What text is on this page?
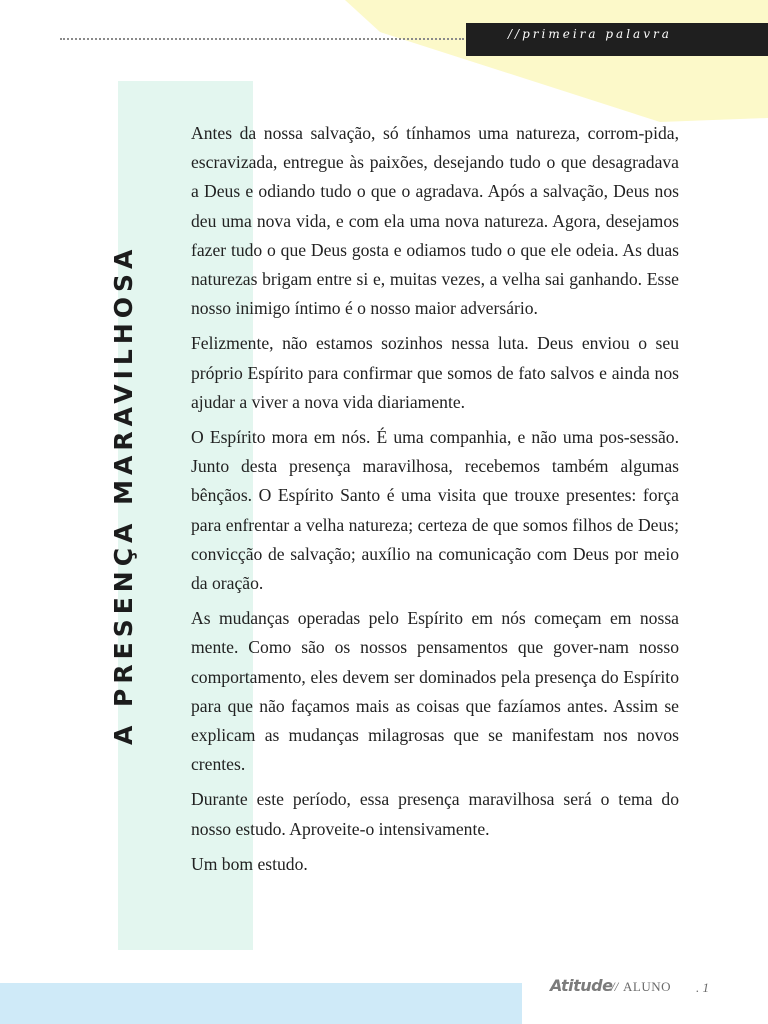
//primeira palavra
A PRESENÇA MARAVILHOSA

Antes da nossa salvação, só tínhamos uma natureza, corrom-pida, escravizada, entregue às paixões, desejando tudo o que desagradava a Deus e odiando tudo o que o agradava. Após a salvação, Deus nos deu uma nova vida, e com ela uma nova natureza. Agora, desejamos fazer tudo o que Deus gosta e odiamos tudo o que ele odeia. As duas naturezas brigam entre si e, muitas vezes, a velha sai ganhando. Esse nosso inimigo íntimo é o nosso maior adversário.

Felizmente, não estamos sozinhos nessa luta. Deus enviou o seu próprio Espírito para confirmar que somos de fato salvos e ainda nos ajudar a viver a nova vida diariamente.

O Espírito mora em nós. É uma companhia, e não uma pos-sessão. Junto desta presença maravilhosa, recebemos também algumas bênçãos. O Espírito Santo é uma visita que trouxe presentes: força para enfrentar a velha natureza; certeza de que somos filhos de Deus; convicção de salvação; auxílio na comunicação com Deus por meio da oração.

As mudanças operadas pelo Espírito em nós começam em nossa mente. Como são os nossos pensamentos que gover-nam nosso comportamento, eles devem ser dominados pela presença do Espírito para que não façamos mais as coisas que fazíamos antes. Assim se explicam as mudanças milagrosas que se manifestam nos novos crentes.

Durante este período, essa presença maravilhosa será o tema do nosso estudo. Aproveite-o intensivamente.

Um bom estudo.

Atitude
// ALUNO . 1
